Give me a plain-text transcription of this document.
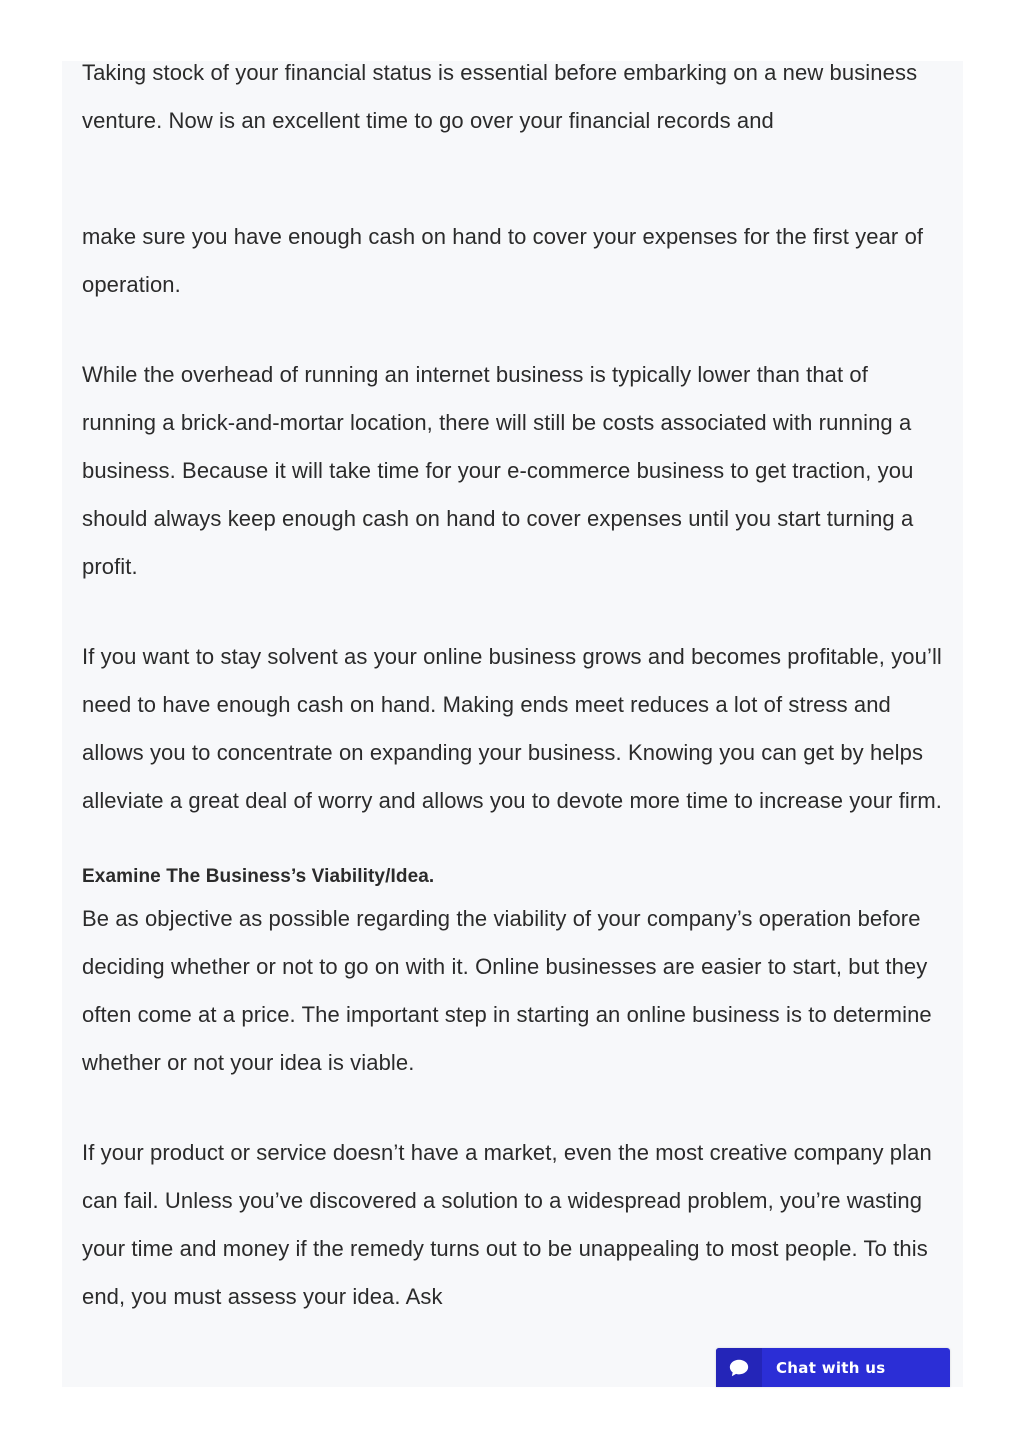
Taking stock of your financial status is essential before embarking on a new business venture. Now is an excellent time to go over your financial records and

make sure you have enough cash on hand to cover your expenses for the first year of operation.

While the overhead of running an internet business is typically lower than that of running a brick-and-mortar location, there will still be costs associated with running a business. Because it will take time for your e-commerce business to get traction, you should always keep enough cash on hand to cover expenses until you start turning a profit.

If you want to stay solvent as your online business grows and becomes profitable, you’ll need to have enough cash on hand. Making ends meet reduces a lot of stress and allows you to concentrate on expanding your business. Knowing you can get by helps alleviate a great deal of worry and allows you to devote more time to increase your firm.

Examine The Business’s Viability/Idea.

Be as objective as possible regarding the viability of your company’s operation before deciding whether or not to go on with it. Online businesses are easier to start, but they often come at a price. The important step in starting an online business is to determine whether or not your idea is viable.

If your product or service doesn’t have a market, even the most creative company plan can fail. Unless you’ve discovered a solution to a widespread problem, you’re wasting your time and money if the remedy turns out to be unappealing to most people. To this end, you must assess your idea. Ask

Chat with us
